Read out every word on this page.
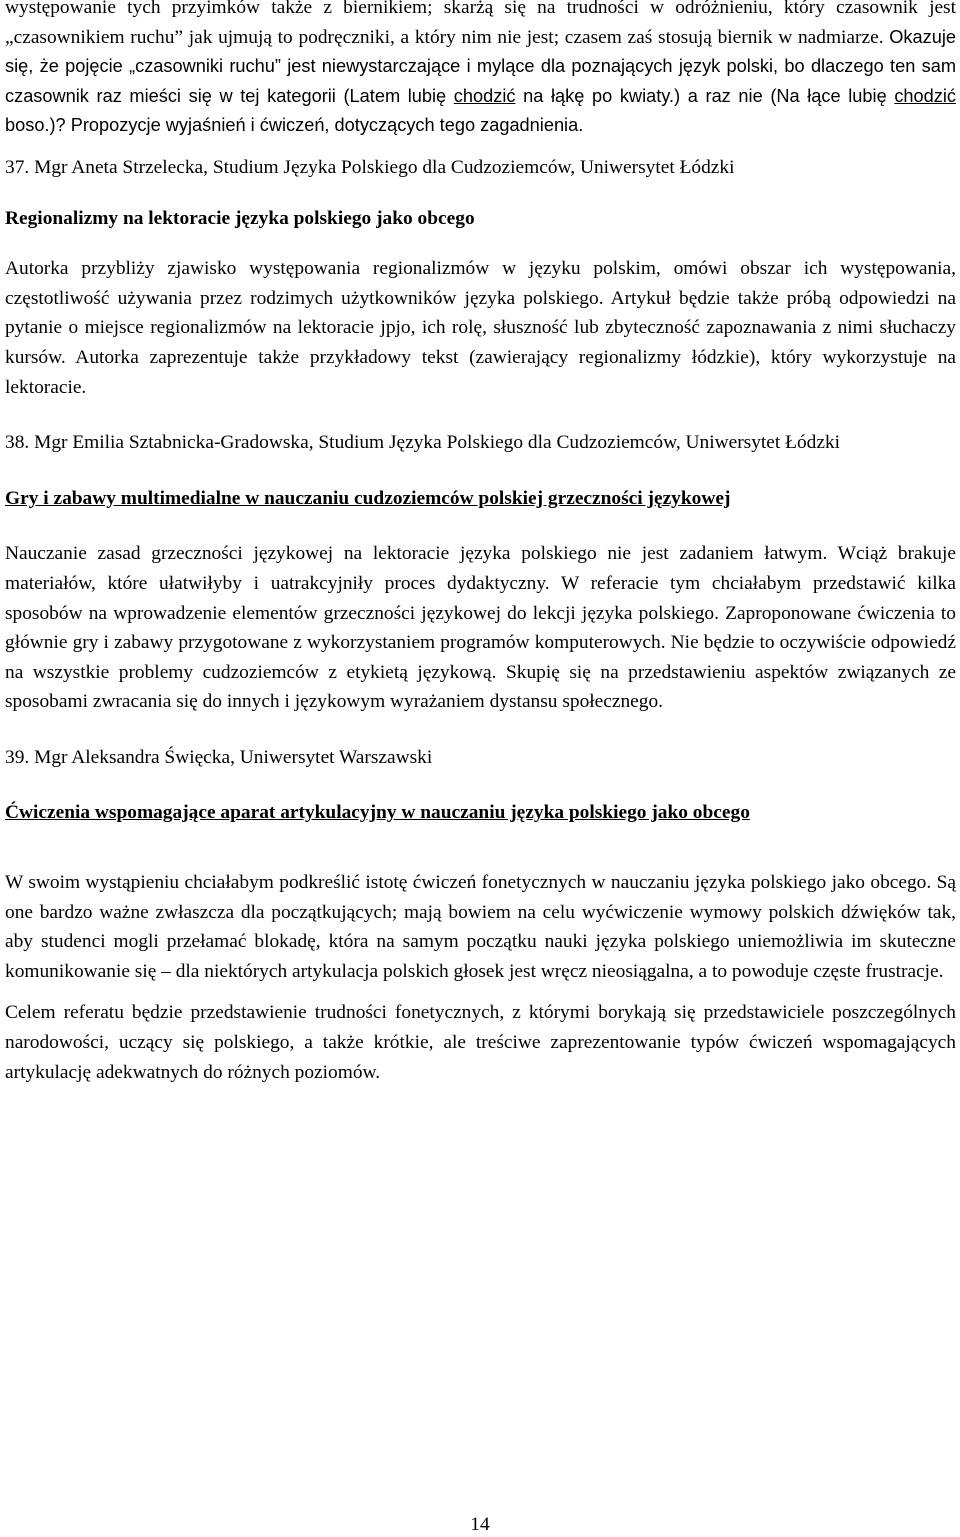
występowanie tych przyimków także z biernikiem; skarżą się na trudności w odróżnieniu, który czasownik jest „czasownikiem ruchu” jak ujmują to podręczniki, a który nim nie jest; czasem zaś stosują biernik w nadmiarze. Okazuje się, że pojęcie „czasowniki ruchu” jest niewystarczające i mylące dla poznających język polski, bo dlaczego ten sam czasownik raz mieści się w tej kategorii (Latem lubię chodzić na łąkę po kwiaty.) a raz nie (Na łące lubię chodzić boso.)? Propozycje wyjaśnień i ćwiczeń, dotyczących tego zagadnienia.

37. Mgr Aneta Strzelecka, Studium Języka Polskiego dla Cudzoziemców, Uniwersytet Łódzki

Regionalizmy na lektoracie języka polskiego jako obcego

Autorka przybliży zjawisko występowania regionalizmów w języku polskim, omówi obszar ich występowania, częstotliwość używania przez rodzimych użytkowników języka polskiego. Artykuł będzie także próbą odpowiedzi na pytanie o miejsce regionalizmów na lektoracie jpjo, ich rolę, słuszność lub zbyteczność zapoznawania z nimi słuchaczy kursów. Autorka zaprezentuje także przykładowy tekst (zawierający regionalizmy łódzkie), który wykorzystuje na lektoracie.

38. Mgr Emilia Sztabnicka-Gradowska, Studium Języka Polskiego dla Cudzoziemców, Uniwersytet Łódzki

Gry i zabawy multimedialne w nauczaniu cudzoziemców polskiej grzeczności językowej

Nauczanie zasad grzeczności językowej na lektoracie języka polskiego nie jest zadaniem łatwym. Wciąż brakuje materiałów, które ułatwiłyby i uatrakcyjniły proces dydaktyczny. W referacie tym chciałabym przedstawić kilka sposobów na wprowadzenie elementów grzeczności językowej do lekcji języka polskiego. Zaproponowane ćwiczenia to głównie gry i zabawy przygotowane z wykorzystaniem programów komputerowych. Nie będzie to oczywiście odpowiedź na wszystkie problemy cudzoziemców z etykietą językową. Skupię się na przedstawieniu aspektów związanych ze sposobami zwracania się do innych i językowym wyrażaniem dystansu społecznego.

39. Mgr Aleksandra Święcka, Uniwersytet Warszawski

Ćwiczenia wspomagające aparat artykulacyjny w nauczaniu języka polskiego jako obcego

W swoim wystąpieniu chciałabym podkreślić istotę ćwiczeń fonetycznych w nauczaniu języka polskiego jako obcego. Są one bardzo ważne zwłaszcza dla początkujących; mają bowiem na celu wyćwiczenie wymowy polskich dźwięków tak, aby studenci mogli przełamać blokadę, która na samym początku nauki języka polskiego uniemożliwia im skuteczne komunikowanie się – dla niektórych artykulacja polskich głosek jest wręcz nieosiągalna, a to powoduje częste frustracje.

Celem referatu będzie przedstawienie trudności fonetycznych, z którymi borykają się przedstawiciele poszczególnych narodowości, uczący się polskiego, a także krótkie, ale treściwe zaprezentowanie typów ćwiczeń wspomagających artykulację adekwatnych do różnych poziomów.

14
